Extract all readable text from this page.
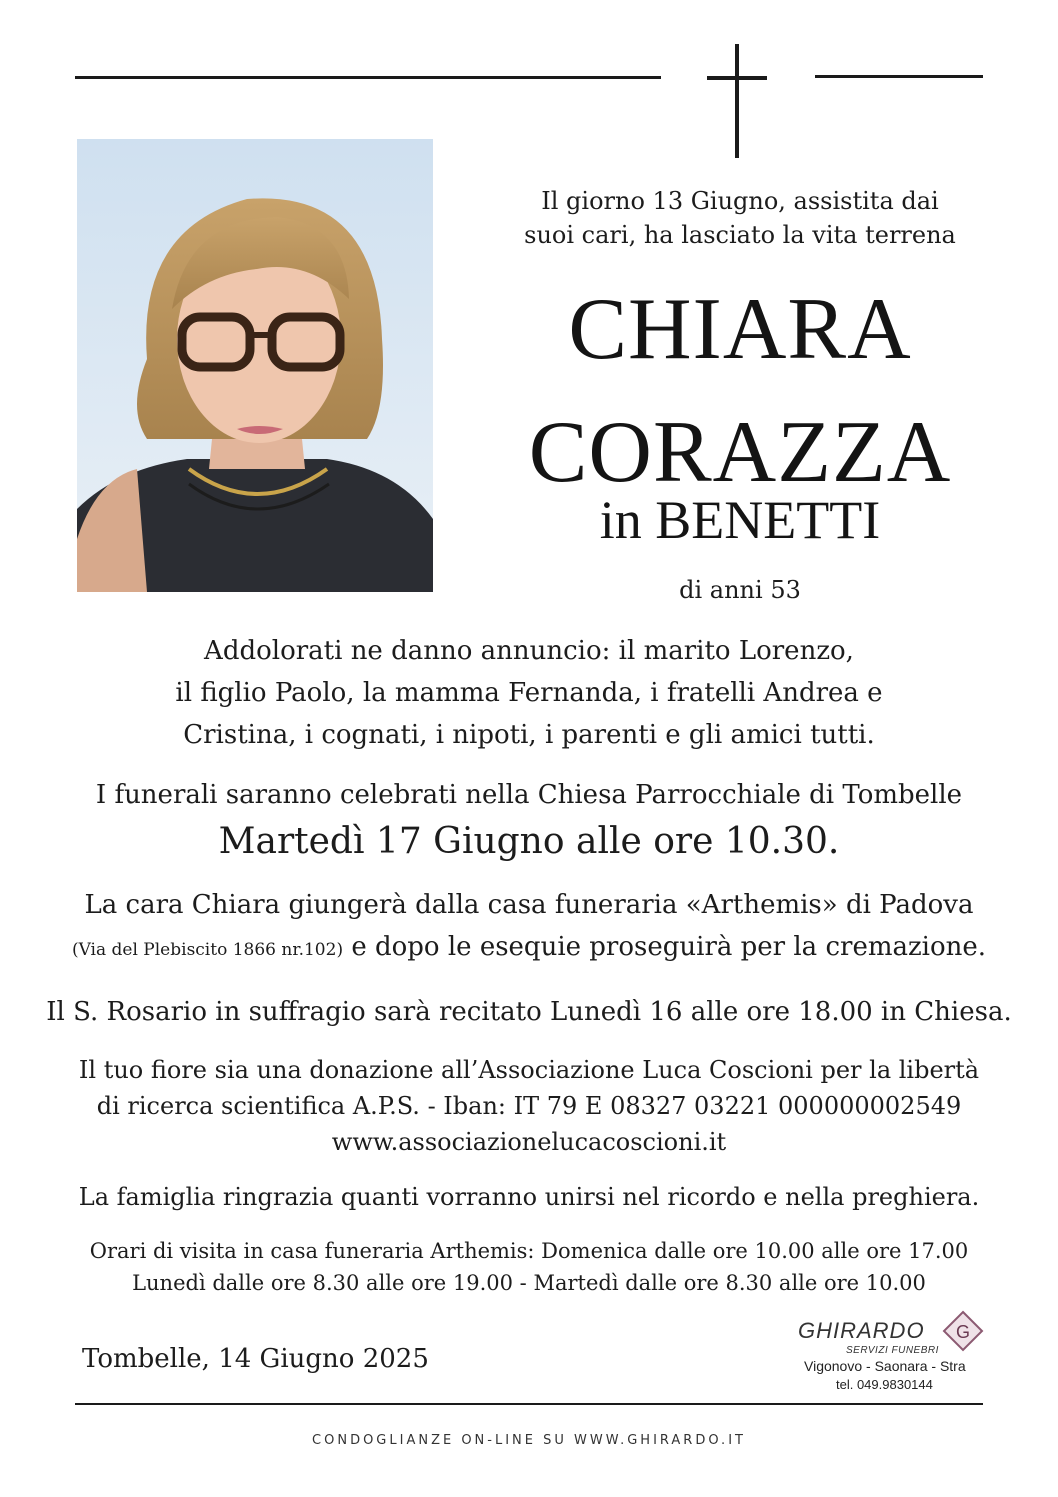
Il giorno 13 Giugno, assistita dai
suoi cari, ha lasciato la vita terrena
CHIARA
CORAZZA
in BENETTI
di anni 53
Addolorati ne danno annuncio: il marito Lorenzo,
il figlio Paolo, la mamma Fernanda, i fratelli Andrea e
Cristina, i cognati, i nipoti, i parenti e gli amici tutti.
I funerali saranno celebrati nella Chiesa Parrocchiale di Tombelle
Martedì 17 Giugno alle ore 10.30.
La cara Chiara giungerà dalla casa funeraria «Arthemis» di Padova
(Via del Plebiscito 1866 nr.102) e dopo le esequie proseguirà per la cremazione.
Il S. Rosario in suffragio sarà recitato Lunedì 16 alle ore 18.00 in Chiesa.
Il tuo fiore sia una donazione all’Associazione Luca Coscioni per la libertà
di ricerca scientifica A.P.S. - Iban: IT 79 E 08327 03221 000000002549
www.associazionelucacoscioni.it
La famiglia ringrazia quanti vorranno unirsi nel ricordo e nella preghiera.
Orari di visita in casa funeraria Arthemis: Domenica dalle ore 10.00 alle ore 17.00
Lunedì dalle ore 8.30 alle ore 19.00 - Martedì dalle ore 8.30 alle ore 10.00
Tombelle, 14 Giugno 2025
GHIRARDO
SERVIZI FUNEBRI
G
Vigonovo - Saonara - Stra
tel. 049.9830144
CONDOGLIANZE ON-LINE SU WWW.GHIRARDO.IT
